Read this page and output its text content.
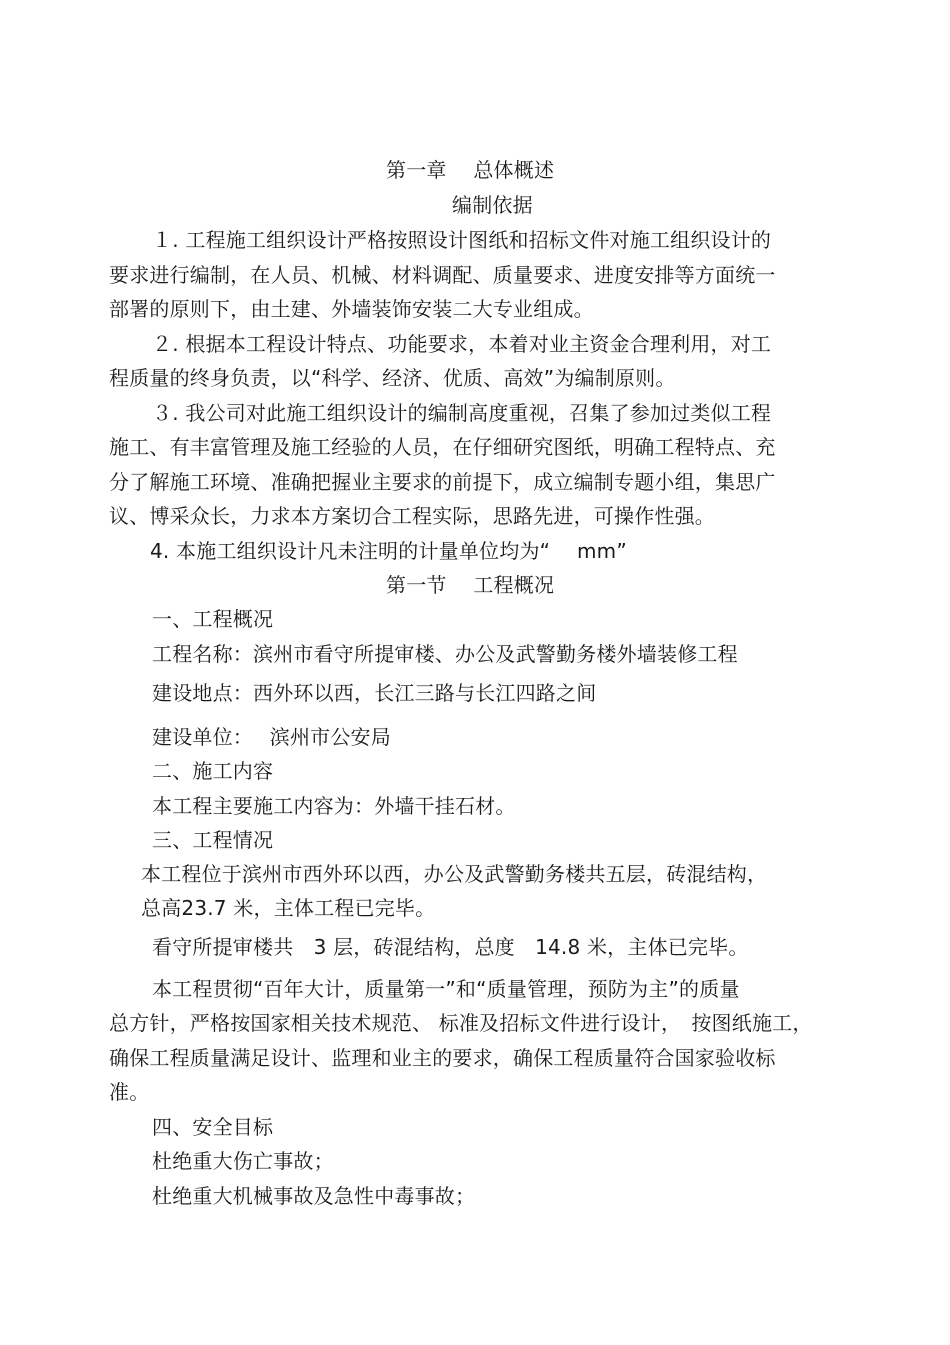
第一章　 总体概述
编制依据
１. 工程施工组织设计严格按照设计图纸和招标文件对施工组织设计的
要求进行编制，在人员、机械、材料调配、质量要求、进度安排等方面统一
部署的原则下，由土建、外墙装饰安装二大专业组成。
２. 根据本工程设计特点、功能要求，本着对业主资金合理利用，对工
程质量的终身负责，以“科学、经济、优质、高效”为编制原则。
３. 我公司对此施工组织设计的编制高度重视，召集了参加过类似工程
施工、有丰富管理及施工经验的人员，在仔细研究图纸，明确工程特点、充
分了解施工环境、准确把握业主要求的前提下，成立编制专题小组，集思广
议、博采众长，力求本方案切合工程实际，思路先进，可操作性强。
4. 本施工组织设计凡未注明的计量单位均为“　 mm”
第一节　 工程概况
一、工程概况
工程名称：滨州市看守所提审楼、办公及武警勤务楼外墙装修工程
建设地点：西外环以西，长江三路与长江四路之间
建设单位：　 滨州市公安局
二、施工内容
本工程主要施工内容为：外墙干挂石材。
三、工程情况
本工程位于滨州市西外环以西，办公及武警勤务楼共五层，砖混结构，
总高23.7 米，主体工程已完毕。
看守所提审楼共　3 层，砖混结构，总度　14.8 米，主体已完毕。
本工程贯彻“百年大计，质量第一”和“质量管理，预防为主”的质量
总方针，严格按国家相关技术规范、 标准及招标文件进行设计，　按图纸施工，
确保工程质量满足设计、监理和业主的要求，确保工程质量符合国家验收标
准。
四、安全目标
杜绝重大伤亡事故；
杜绝重大机械事故及急性中毒事故；
